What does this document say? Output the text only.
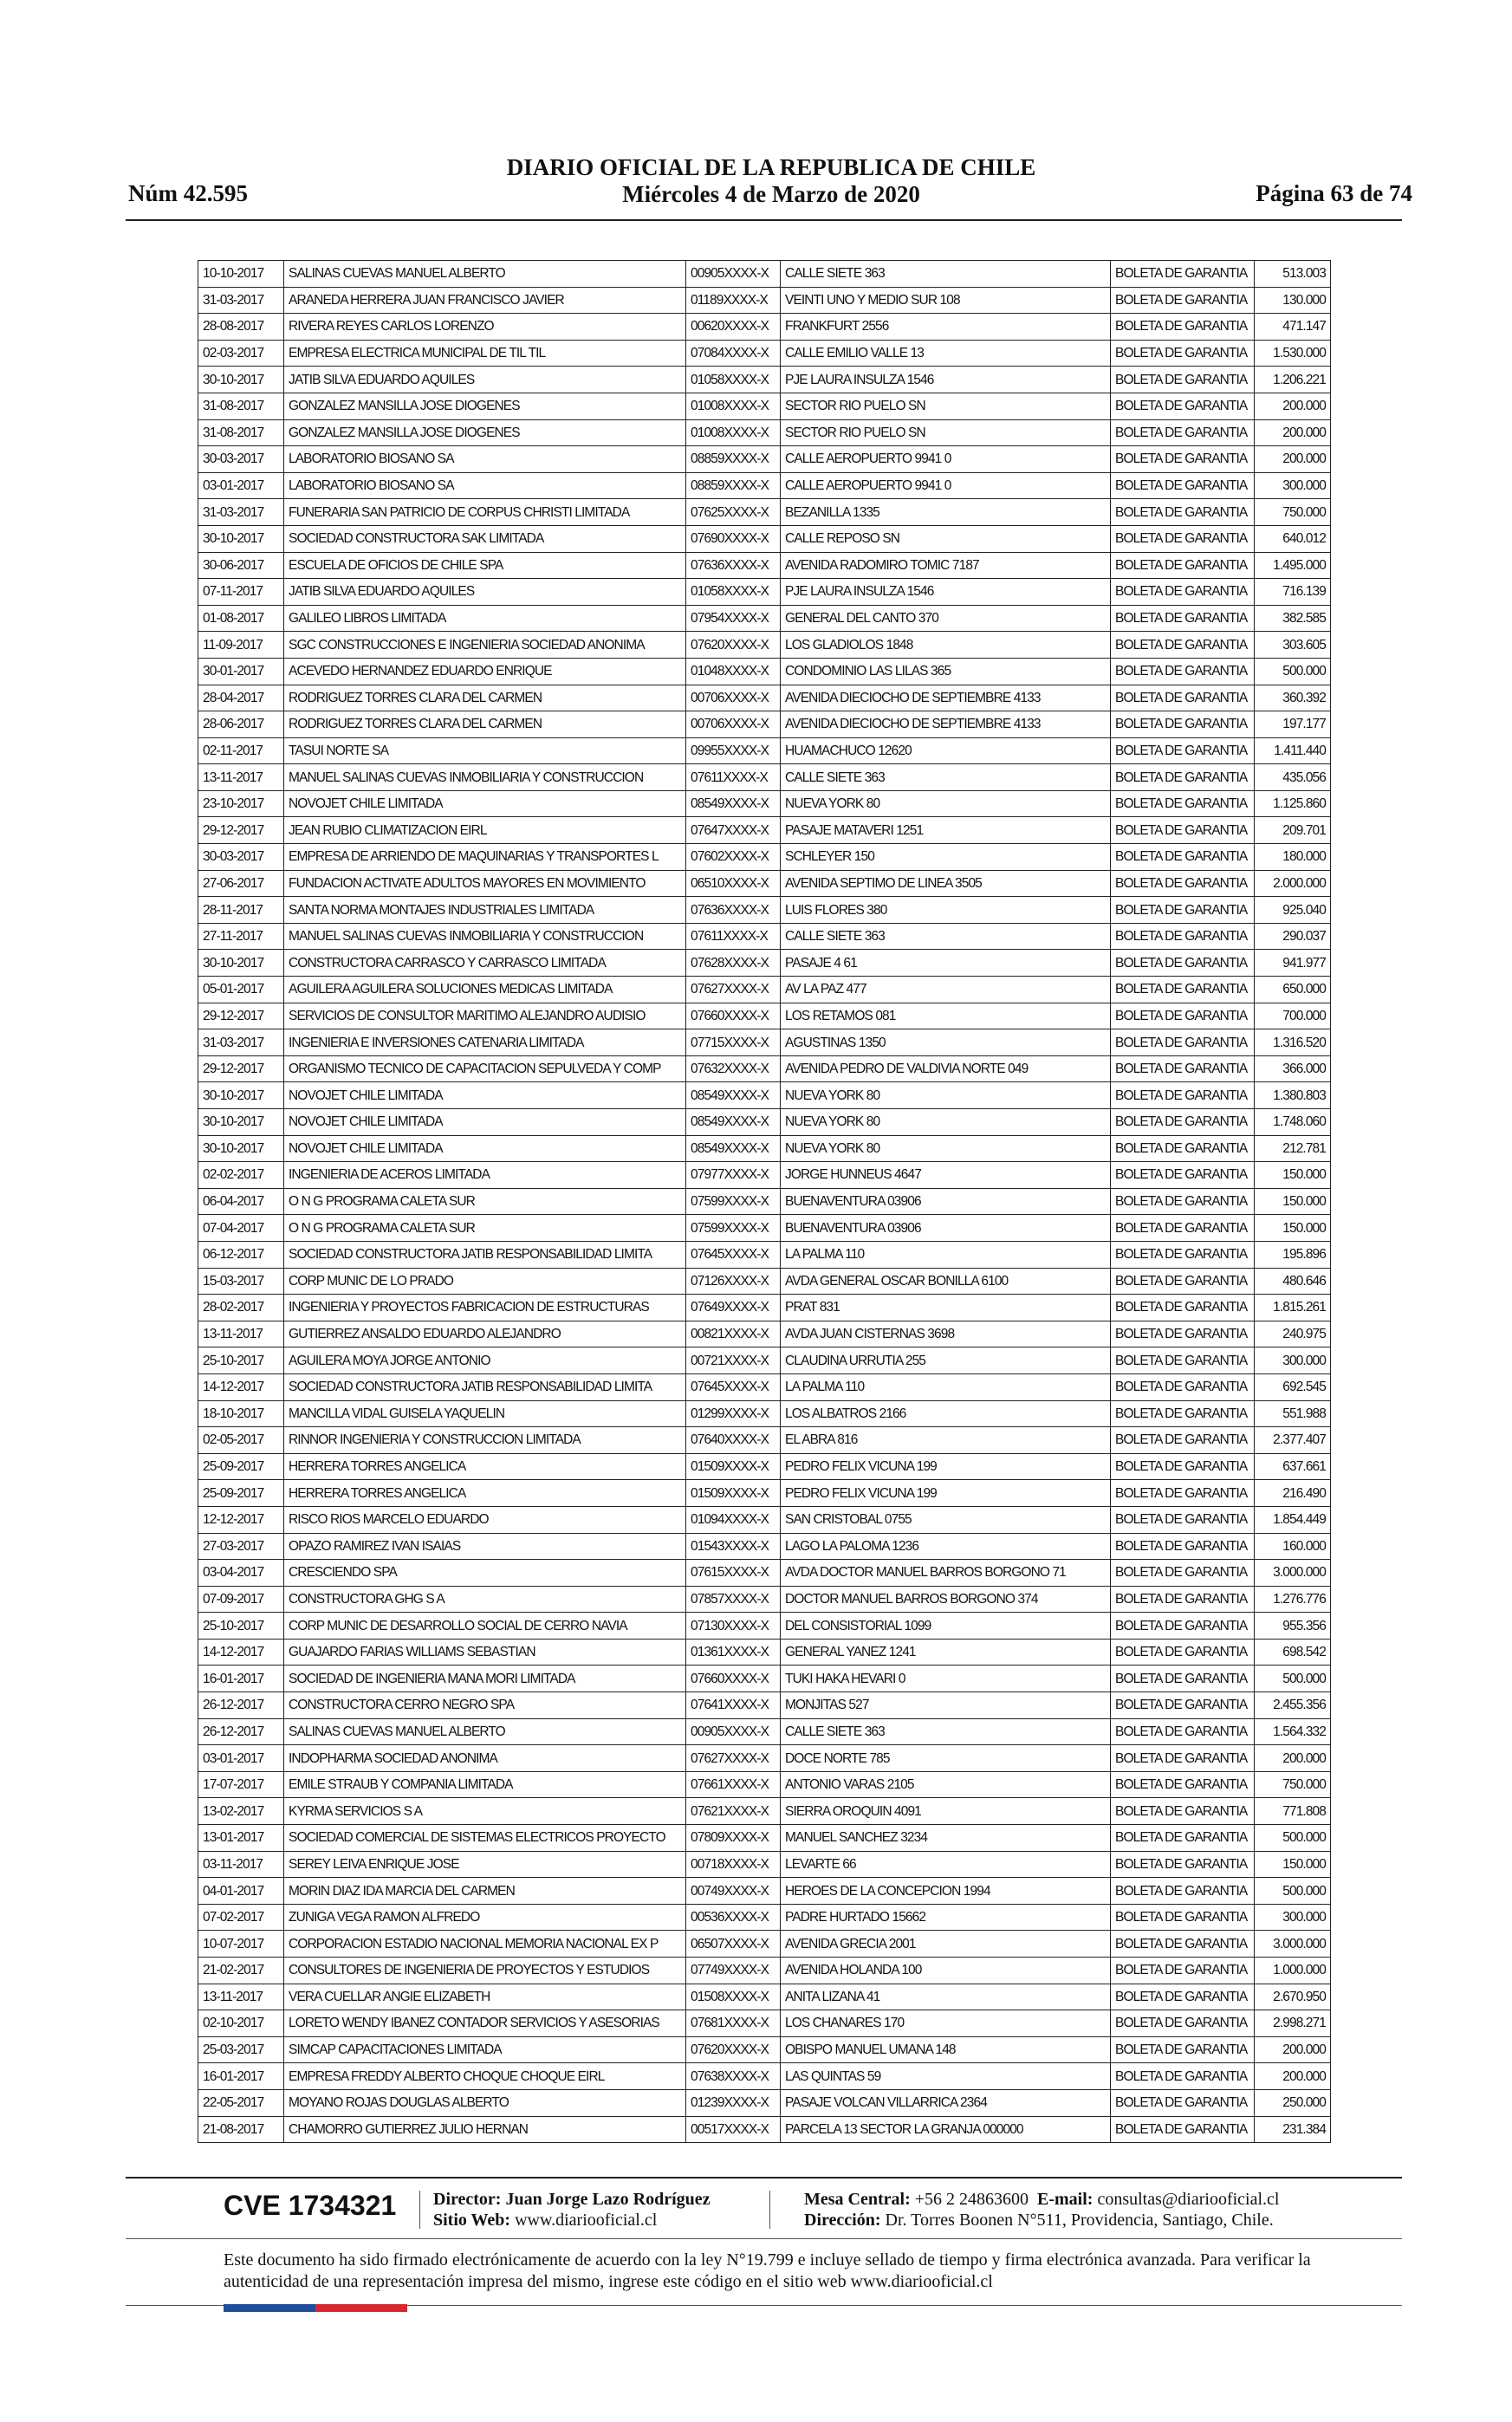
Núm 42.595
DIARIO OFICIAL DE LA REPUBLICA DE CHILE
Miércoles 4 de Marzo de 2020	Página 63 de 74
10-10-2017	SALINAS CUEVAS MANUEL ALBERTO	00905XXXX-X	CALLE SIETE 363	BOLETA DE GARANTIA	513.003
31-03-2017	ARANEDA HERRERA JUAN FRANCISCO JAVIER	01189XXXX-X	VEINTI UNO Y MEDIO SUR 108	BOLETA DE GARANTIA	130.000
28-08-2017	RIVERA REYES CARLOS LORENZO	00620XXXX-X	FRANKFURT 2556	BOLETA DE GARANTIA	471.147
02-03-2017	EMPRESA ELECTRICA MUNICIPAL DE TIL TIL	07084XXXX-X	CALLE EMILIO VALLE 13	BOLETA DE GARANTIA	1.530.000
30-10-2017	JATIB SILVA EDUARDO AQUILES	01058XXXX-X	PJE LAURA INSULZA 1546	BOLETA DE GARANTIA	1.206.221
31-08-2017	GONZALEZ MANSILLA JOSE DIOGENES	01008XXXX-X	SECTOR RIO PUELO SN	BOLETA DE GARANTIA	200.000
31-08-2017	GONZALEZ MANSILLA JOSE DIOGENES	01008XXXX-X	SECTOR RIO PUELO SN	BOLETA DE GARANTIA	200.000
30-03-2017	LABORATORIO BIOSANO SA	08859XXXX-X	CALLE AEROPUERTO 9941 0	BOLETA DE GARANTIA	200.000
03-01-2017	LABORATORIO BIOSANO SA	08859XXXX-X	CALLE AEROPUERTO 9941 0	BOLETA DE GARANTIA	300.000
31-03-2017	FUNERARIA SAN PATRICIO DE CORPUS CHRISTI LIMITADA	07625XXXX-X	BEZANILLA 1335	BOLETA DE GARANTIA	750.000
30-10-2017	SOCIEDAD CONSTRUCTORA SAK LIMITADA	07690XXXX-X	CALLE REPOSO SN	BOLETA DE GARANTIA	640.012
30-06-2017	ESCUELA DE OFICIOS DE CHILE SPA	07636XXXX-X	AVENIDA RADOMIRO TOMIC 7187	BOLETA DE GARANTIA	1.495.000
07-11-2017	JATIB SILVA EDUARDO AQUILES	01058XXXX-X	PJE LAURA INSULZA 1546	BOLETA DE GARANTIA	716.139
01-08-2017	GALILEO LIBROS LIMITADA	07954XXXX-X	GENERAL DEL CANTO 370	BOLETA DE GARANTIA	382.585
11-09-2017	SGC CONSTRUCCIONES E INGENIERIA SOCIEDAD ANONIMA	07620XXXX-X	LOS GLADIOLOS 1848	BOLETA DE GARANTIA	303.605
30-01-2017	ACEVEDO HERNANDEZ EDUARDO ENRIQUE	01048XXXX-X	CONDOMINIO LAS LILAS 365	BOLETA DE GARANTIA	500.000
28-04-2017	RODRIGUEZ TORRES CLARA DEL CARMEN	00706XXXX-X	AVENIDA DIECIOCHO DE SEPTIEMBRE 4133	BOLETA DE GARANTIA	360.392
28-06-2017	RODRIGUEZ TORRES CLARA DEL CARMEN	00706XXXX-X	AVENIDA DIECIOCHO DE SEPTIEMBRE 4133	BOLETA DE GARANTIA	197.177
02-11-2017	TASUI NORTE SA	09955XXXX-X	HUAMACHUCO 12620	BOLETA DE GARANTIA	1.411.440
13-11-2017	MANUEL SALINAS CUEVAS INMOBILIARIA Y CONSTRUCCION	07611XXXX-X	CALLE SIETE 363	BOLETA DE GARANTIA	435.056
23-10-2017	NOVOJET CHILE LIMITADA	08549XXXX-X	NUEVA YORK 80	BOLETA DE GARANTIA	1.125.860
29-12-2017	JEAN RUBIO CLIMATIZACION EIRL	07647XXXX-X	PASAJE MATAVERI 1251	BOLETA DE GARANTIA	209.701
30-03-2017	EMPRESA DE ARRIENDO DE MAQUINARIAS Y TRANSPORTES L	07602XXXX-X	SCHLEYER 150	BOLETA DE GARANTIA	180.000
27-06-2017	FUNDACION ACTIVATE ADULTOS MAYORES EN MOVIMIENTO	06510XXXX-X	AVENIDA SEPTIMO DE LINEA 3505	BOLETA DE GARANTIA	2.000.000
28-11-2017	SANTA NORMA MONTAJES INDUSTRIALES LIMITADA	07636XXXX-X	LUIS FLORES 380	BOLETA DE GARANTIA	925.040
27-11-2017	MANUEL SALINAS CUEVAS INMOBILIARIA Y CONSTRUCCION	07611XXXX-X	CALLE SIETE 363	BOLETA DE GARANTIA	290.037
30-10-2017	CONSTRUCTORA CARRASCO Y CARRASCO LIMITADA	07628XXXX-X	PASAJE 4 61	BOLETA DE GARANTIA	941.977
05-01-2017	AGUILERA AGUILERA SOLUCIONES MEDICAS LIMITADA	07627XXXX-X	AV LA PAZ 477	BOLETA DE GARANTIA	650.000
29-12-2017	SERVICIOS DE CONSULTOR MARITIMO ALEJANDRO AUDISIO	07660XXXX-X	LOS RETAMOS 081	BOLETA DE GARANTIA	700.000
31-03-2017	INGENIERIA E INVERSIONES CATENARIA LIMITADA	07715XXXX-X	AGUSTINAS 1350	BOLETA DE GARANTIA	1.316.520
29-12-2017	ORGANISMO TECNICO DE CAPACITACION SEPULVEDA Y COMP	07632XXXX-X	AVENIDA PEDRO DE VALDIVIA NORTE 049	BOLETA DE GARANTIA	366.000
30-10-2017	NOVOJET CHILE LIMITADA	08549XXXX-X	NUEVA YORK 80	BOLETA DE GARANTIA	1.380.803
30-10-2017	NOVOJET CHILE LIMITADA	08549XXXX-X	NUEVA YORK 80	BOLETA DE GARANTIA	1.748.060
30-10-2017	NOVOJET CHILE LIMITADA	08549XXXX-X	NUEVA YORK 80	BOLETA DE GARANTIA	212.781
02-02-2017	INGENIERIA DE ACEROS LIMITADA	07977XXXX-X	JORGE HUNNEUS 4647	BOLETA DE GARANTIA	150.000
06-04-2017	O N G PROGRAMA CALETA SUR	07599XXXX-X	BUENAVENTURA 03906	BOLETA DE GARANTIA	150.000
07-04-2017	O N G PROGRAMA CALETA SUR	07599XXXX-X	BUENAVENTURA 03906	BOLETA DE GARANTIA	150.000
06-12-2017	SOCIEDAD CONSTRUCTORA JATIB RESPONSABILIDAD LIMITA	07645XXXX-X	LA PALMA 110	BOLETA DE GARANTIA	195.896
15-03-2017	CORP MUNIC DE LO PRADO	07126XXXX-X	AVDA GENERAL OSCAR BONILLA 6100	BOLETA DE GARANTIA	480.646
28-02-2017	INGENIERIA Y PROYECTOS FABRICACION DE ESTRUCTURAS	07649XXXX-X	PRAT 831	BOLETA DE GARANTIA	1.815.261
13-11-2017	GUTIERREZ ANSALDO EDUARDO ALEJANDRO	00821XXXX-X	AVDA JUAN CISTERNAS 3698	BOLETA DE GARANTIA	240.975
25-10-2017	AGUILERA MOYA JORGE ANTONIO	00721XXXX-X	CLAUDINA URRUTIA 255	BOLETA DE GARANTIA	300.000
14-12-2017	SOCIEDAD CONSTRUCTORA JATIB RESPONSABILIDAD LIMITA	07645XXXX-X	LA PALMA 110	BOLETA DE GARANTIA	692.545
18-10-2017	MANCILLA VIDAL GUISELA YAQUELIN	01299XXXX-X	LOS ALBATROS 2166	BOLETA DE GARANTIA	551.988
02-05-2017	RINNOR INGENIERIA Y CONSTRUCCION LIMITADA	07640XXXX-X	EL ABRA 816	BOLETA DE GARANTIA	2.377.407
25-09-2017	HERRERA TORRES ANGELICA	01509XXXX-X	PEDRO FELIX VICUNA 199	BOLETA DE GARANTIA	637.661
25-09-2017	HERRERA TORRES ANGELICA	01509XXXX-X	PEDRO FELIX VICUNA 199	BOLETA DE GARANTIA	216.490
12-12-2017	RISCO RIOS MARCELO EDUARDO	01094XXXX-X	SAN CRISTOBAL 0755	BOLETA DE GARANTIA	1.854.449
27-03-2017	OPAZO RAMIREZ IVAN ISAIAS	01543XXXX-X	LAGO LA PALOMA 1236	BOLETA DE GARANTIA	160.000
03-04-2017	CRESCIENDO SPA	07615XXXX-X	AVDA DOCTOR MANUEL BARROS BORGONO 71	BOLETA DE GARANTIA	3.000.000
07-09-2017	CONSTRUCTORA GHG S A	07857XXXX-X	DOCTOR MANUEL BARROS BORGONO 374	BOLETA DE GARANTIA	1.276.776
25-10-2017	CORP MUNIC DE DESARROLLO SOCIAL DE CERRO NAVIA	07130XXXX-X	DEL CONSISTORIAL 1099	BOLETA DE GARANTIA	955.356
14-12-2017	GUAJARDO FARIAS WILLIAMS SEBASTIAN	01361XXXX-X	GENERAL YANEZ 1241	BOLETA DE GARANTIA	698.542
16-01-2017	SOCIEDAD DE INGENIERIA MANA MORI LIMITADA	07660XXXX-X	TUKI HAKA HEVARI 0	BOLETA DE GARANTIA	500.000
26-12-2017	CONSTRUCTORA CERRO NEGRO SPA	07641XXXX-X	MONJITAS 527	BOLETA DE GARANTIA	2.455.356
26-12-2017	SALINAS CUEVAS MANUEL ALBERTO	00905XXXX-X	CALLE SIETE 363	BOLETA DE GARANTIA	1.564.332
03-01-2017	INDOPHARMA SOCIEDAD ANONIMA	07627XXXX-X	DOCE NORTE 785	BOLETA DE GARANTIA	200.000
17-07-2017	EMILE STRAUB Y COMPANIA LIMITADA	07661XXXX-X	ANTONIO VARAS 2105	BOLETA DE GARANTIA	750.000
13-02-2017	KYRMA SERVICIOS S A	07621XXXX-X	SIERRA OROQUIN 4091	BOLETA DE GARANTIA	771.808
13-01-2017	SOCIEDAD COMERCIAL DE SISTEMAS ELECTRICOS PROYECTO	07809XXXX-X	MANUEL SANCHEZ 3234	BOLETA DE GARANTIA	500.000
03-11-2017	SEREY LEIVA ENRIQUE JOSE	00718XXXX-X	LEVARTE 66	BOLETA DE GARANTIA	150.000
04-01-2017	MORIN DIAZ IDA MARCIA DEL CARMEN	00749XXXX-X	HEROES DE LA CONCEPCION 1994	BOLETA DE GARANTIA	500.000
07-02-2017	ZUNIGA VEGA RAMON ALFREDO	00536XXXX-X	PADRE HURTADO 15662	BOLETA DE GARANTIA	300.000
10-07-2017	CORPORACION ESTADIO NACIONAL MEMORIA NACIONAL EX P	06507XXXX-X	AVENIDA GRECIA 2001	BOLETA DE GARANTIA	3.000.000
21-02-2017	CONSULTORES DE INGENIERIA DE PROYECTOS Y ESTUDIOS	07749XXXX-X	AVENIDA HOLANDA 100	BOLETA DE GARANTIA	1.000.000
13-11-2017	VERA CUELLAR ANGIE ELIZABETH	01508XXXX-X	ANITA LIZANA 41	BOLETA DE GARANTIA	2.670.950
02-10-2017	LORETO WENDY IBANEZ CONTADOR SERVICIOS Y ASESORIAS	07681XXXX-X	LOS CHANARES 170	BOLETA DE GARANTIA	2.998.271
25-03-2017	SIMCAP CAPACITACIONES LIMITADA	07620XXXX-X	OBISPO MANUEL UMANA 148	BOLETA DE GARANTIA	200.000
16-01-2017	EMPRESA FREDDY ALBERTO CHOQUE CHOQUE EIRL	07638XXXX-X	LAS QUINTAS 59	BOLETA DE GARANTIA	200.000
22-05-2017	MOYANO ROJAS DOUGLAS ALBERTO	01239XXXX-X	PASAJE VOLCAN VILLARRICA 2364	BOLETA DE GARANTIA	250.000
21-08-2017	CHAMORRO GUTIERREZ JULIO HERNAN	00517XXXX-X	PARCELA 13 SECTOR LA GRANJA 000000	BOLETA DE GARANTIA	231.384
CVE 1734321 Director: Juan Jorge Lazo Rodríguez
Sitio Web: www.diariooficial.cl
Mesa Central: +56 2 24863600 E-mail: consultas@diariooficial.cl
Dirección: Dr. Torres Boonen N°511, Providencia, Santiago, Chile.
Este documento ha sido firmado electrónicamente de acuerdo con la ley N°19.799 e incluye sellado de tiempo y firma electrónica avanzada. Para verificar la autenticidad de una representación impresa del mismo, ingrese este código en el sitio web www.diariooficial.cl
